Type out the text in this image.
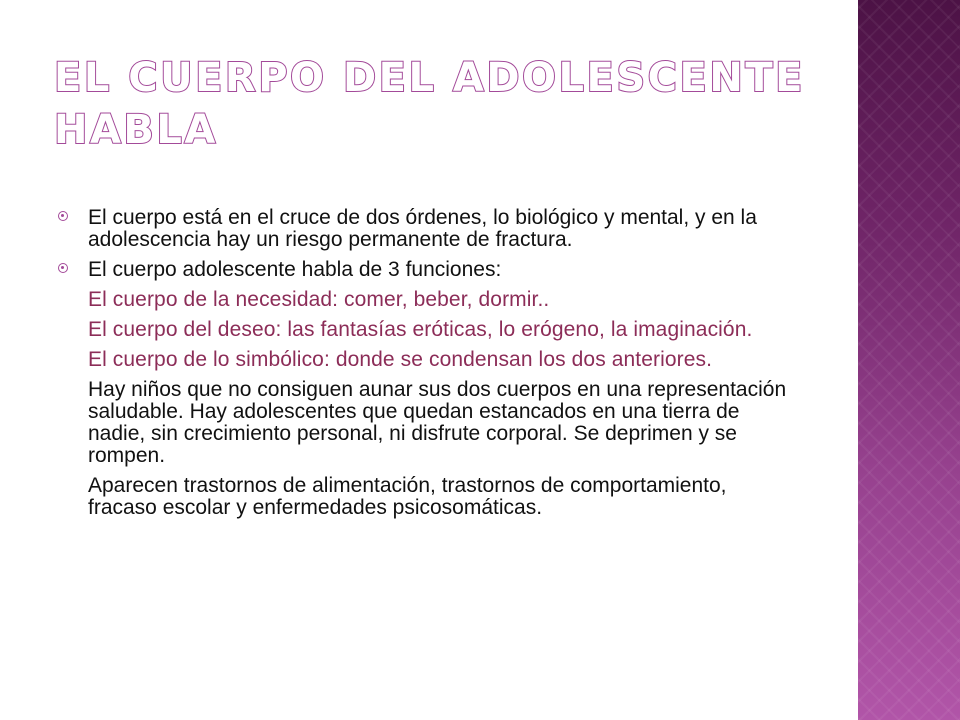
EL CUERPO DEL ADOLESCENTE HABLA

El cuerpo está en el cruce de dos órdenes, lo biológico y mental, y en la adolescencia hay un riesgo permanente de fractura.

El cuerpo adolescente habla de 3 funciones:

El cuerpo de la necesidad: comer, beber, dormir..

El cuerpo del deseo: las fantasías eróticas, lo erógeno, la imaginación.

El cuerpo de lo simbólico: donde se condensan los dos anteriores.

Hay niños que no consiguen aunar sus dos cuerpos en una representación saludable. Hay adolescentes que quedan estancados en una tierra de nadie, sin crecimiento personal, ni disfrute corporal. Se deprimen y se rompen.

Aparecen trastornos de alimentación, trastornos de comportamiento, fracaso escolar y enfermedades psicosomáticas.
